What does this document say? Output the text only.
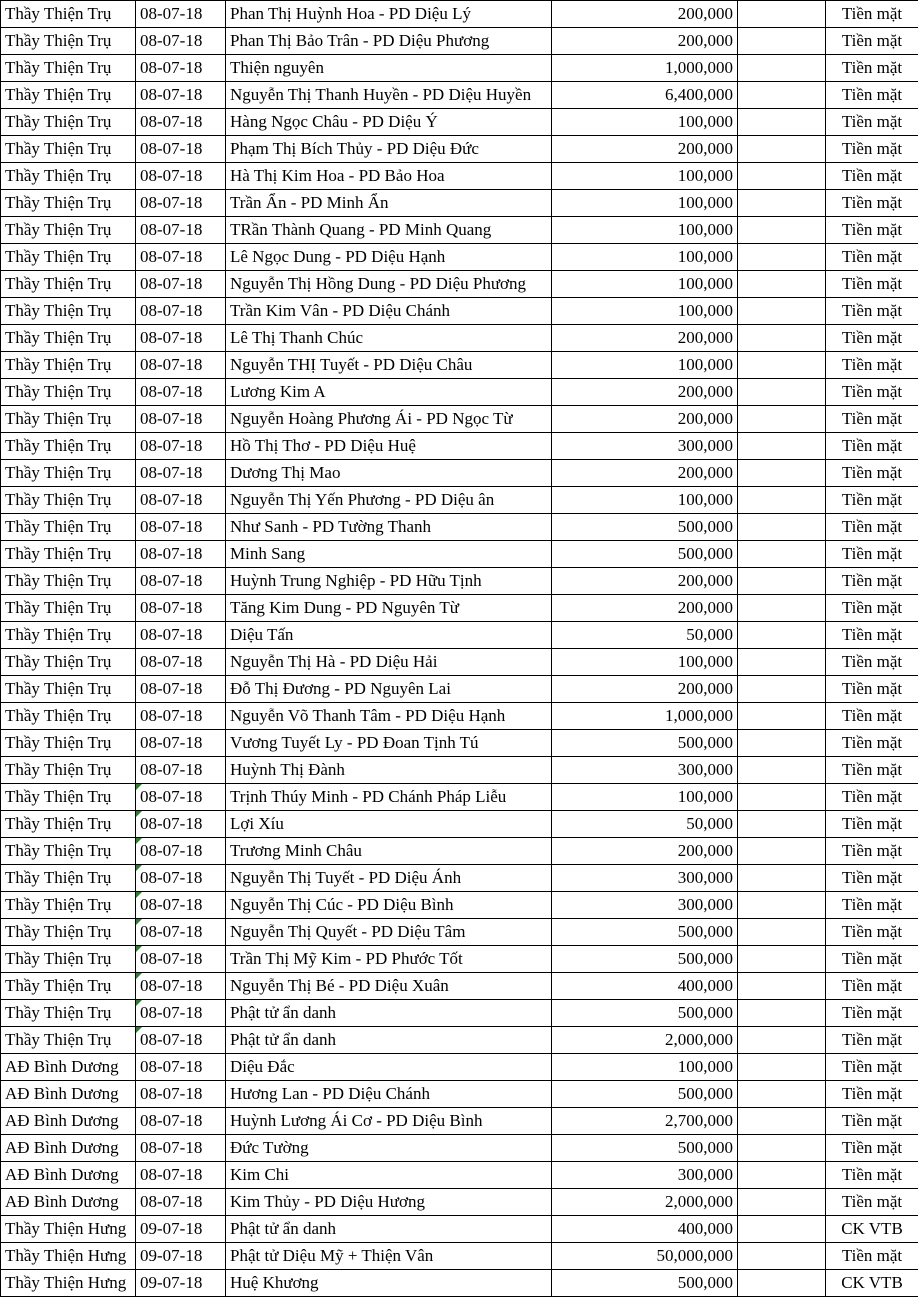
Thầy Thiện Trụ	08-07-18	Phan Thị Huỳnh Hoa - PD Diệu Lý	200,000		Tiền mặt
Thầy Thiện Trụ	08-07-18	Phan Thị Bảo Trân - PD Diệu Phương	200,000		Tiền mặt
Thầy Thiện Trụ	08-07-18	Thiện nguyên	1,000,000		Tiền mặt
Thầy Thiện Trụ	08-07-18	Nguyễn Thị Thanh Huyền - PD Diệu Huyền	6,400,000		Tiền mặt
Thầy Thiện Trụ	08-07-18	Hàng Ngọc Châu - PD Diệu Ý	100,000		Tiền mặt
Thầy Thiện Trụ	08-07-18	Phạm Thị Bích Thủy - PD Diệu Đức	200,000		Tiền mặt
Thầy Thiện Trụ	08-07-18	Hà Thị Kim Hoa - PD Bảo Hoa	100,000		Tiền mặt
Thầy Thiện Trụ	08-07-18	Trần Ẩn - PD Minh Ẩn	100,000		Tiền mặt
Thầy Thiện Trụ	08-07-18	TRần Thành Quang - PD Minh Quang	100,000		Tiền mặt
Thầy Thiện Trụ	08-07-18	Lê Ngọc Dung - PD Diệu Hạnh	100,000		Tiền mặt
Thầy Thiện Trụ	08-07-18	Nguyễn Thị Hồng Dung - PD Diệu Phương	100,000		Tiền mặt
Thầy Thiện Trụ	08-07-18	Trần Kim Vân - PD Diệu Chánh	100,000		Tiền mặt
Thầy Thiện Trụ	08-07-18	Lê Thị Thanh Chúc	200,000		Tiền mặt
Thầy Thiện Trụ	08-07-18	Nguyễn THỊ Tuyết - PD Diệu Châu	100,000		Tiền mặt
Thầy Thiện Trụ	08-07-18	Lương Kim A	200,000		Tiền mặt
Thầy Thiện Trụ	08-07-18	Nguyễn Hoàng Phương Ái - PD Ngọc Từ	200,000		Tiền mặt
Thầy Thiện Trụ	08-07-18	Hồ Thị Thơ - PD Diệu Huệ	300,000		Tiền mặt
Thầy Thiện Trụ	08-07-18	Dương Thị Mao	200,000		Tiền mặt
Thầy Thiện Trụ	08-07-18	Nguyễn Thị Yến Phương - PD Diệu ân	100,000		Tiền mặt
Thầy Thiện Trụ	08-07-18	Như Sanh - PD Tường Thanh	500,000		Tiền mặt
Thầy Thiện Trụ	08-07-18	Minh Sang	500,000		Tiền mặt
Thầy Thiện Trụ	08-07-18	Huỳnh Trung Nghiệp - PD Hữu Tịnh	200,000		Tiền mặt
Thầy Thiện Trụ	08-07-18	Tăng Kim Dung - PD Nguyên Từ	200,000		Tiền mặt
Thầy Thiện Trụ	08-07-18	Diệu Tấn	50,000		Tiền mặt
Thầy Thiện Trụ	08-07-18	Nguyễn Thị Hà - PD Diệu Hải	100,000		Tiền mặt
Thầy Thiện Trụ	08-07-18	Đỗ Thị Đương - PD Nguyên Lai	200,000		Tiền mặt
Thầy Thiện Trụ	08-07-18	Nguyễn Võ Thanh Tâm - PD Diệu Hạnh	1,000,000		Tiền mặt
Thầy Thiện Trụ	08-07-18	Vương Tuyết Ly - PD Đoan Tịnh Tú	500,000		Tiền mặt
Thầy Thiện Trụ	08-07-18	Huỳnh Thị Đành	300,000		Tiền mặt
Thầy Thiện Trụ	08-07-18	Trịnh Thúy Minh - PD Chánh Pháp Liễu	100,000		Tiền mặt
Thầy Thiện Trụ	08-07-18	Lợi Xíu	50,000		Tiền mặt
Thầy Thiện Trụ	08-07-18	Trương Minh Châu	200,000		Tiền mặt
Thầy Thiện Trụ	08-07-18	Nguyễn Thị Tuyết - PD Diệu Ánh	300,000		Tiền mặt
Thầy Thiện Trụ	08-07-18	Nguyễn Thị Cúc - PD Diệu Bình	300,000		Tiền mặt
Thầy Thiện Trụ	08-07-18	Nguyễn Thị Quyết - PD Diệu Tâm	500,000		Tiền mặt
Thầy Thiện Trụ	08-07-18	Trần Thị Mỹ Kim - PD Phước Tốt	500,000		Tiền mặt
Thầy Thiện Trụ	08-07-18	Nguyễn Thị Bé - PD Diệu Xuân	400,000		Tiền mặt
Thầy Thiện Trụ	08-07-18	Phật tử ẩn danh	500,000		Tiền mặt
Thầy Thiện Trụ	08-07-18	Phật tử ẩn danh	2,000,000		Tiền mặt
AĐ Bình Dương	08-07-18	Diệu Đắc	100,000		Tiền mặt
AĐ Bình Dương	08-07-18	Hương Lan - PD Diệu Chánh	500,000		Tiền mặt
AĐ Bình Dương	08-07-18	Huỳnh Lương Ái Cơ - PD Diệu Bình	2,700,000		Tiền mặt
AĐ Bình Dương	08-07-18	Đức Tường	500,000		Tiền mặt
AĐ Bình Dương	08-07-18	Kim Chi	300,000		Tiền mặt
AĐ Bình Dương	08-07-18	Kim Thủy - PD Diệu Hương	2,000,000		Tiền mặt
Thầy Thiện Hưng	09-07-18	Phật tử ẩn danh	400,000		CK VTB
Thầy Thiện Hưng	09-07-18	Phật tử Diệu Mỹ + Thiện Vân	50,000,000		Tiền mặt
Thầy Thiện Hưng	09-07-18	Huệ Khương	500,000		CK VTB
